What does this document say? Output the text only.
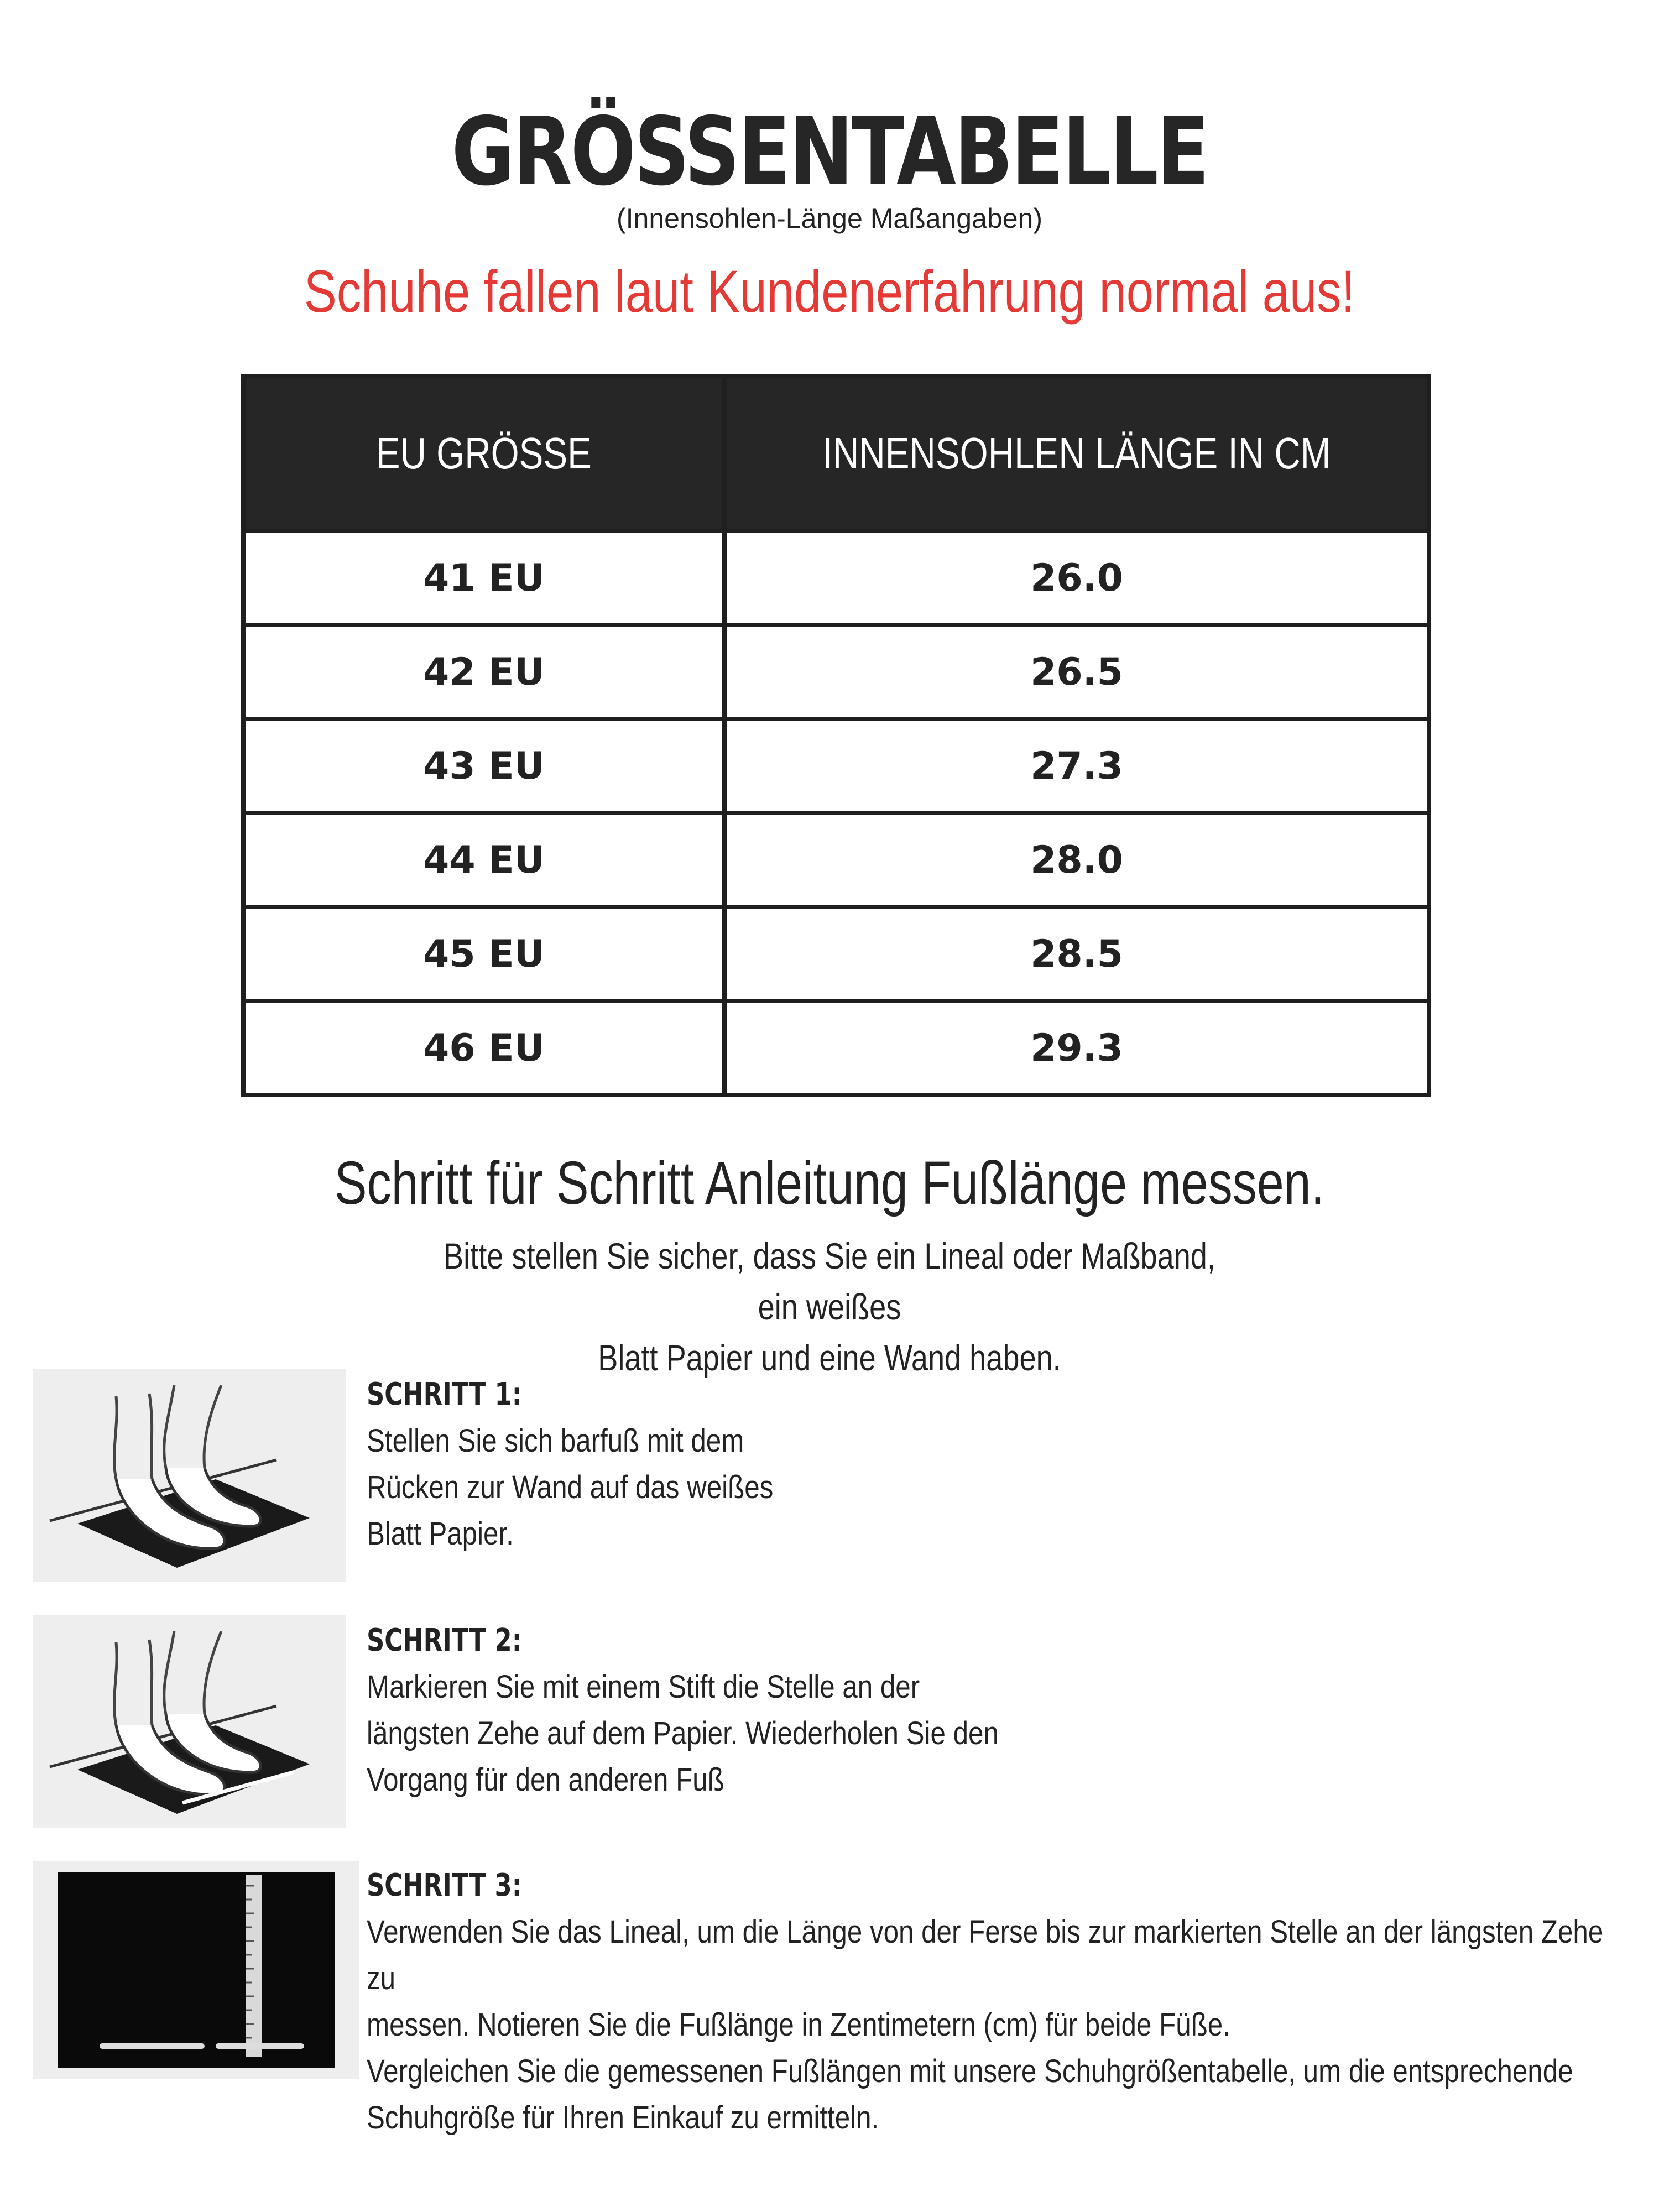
GRÖSSENTABELLE
(Innensohlen-Länge Maßangaben)
Schuhe fallen laut Kundenerfahrung normal aus!
EU GRÖSSE	INNENSOHLEN LÄNGE IN CM
41 EU	26.0
42 EU	26.5
43 EU	27.3
44 EU	28.0
45 EU	28.5
46 EU	29.3
Schritt für Schritt Anleitung Fußlänge messen.
Bitte stellen Sie sicher, dass Sie ein Lineal oder Maßband, ein weißes
Blatt Papier und eine Wand haben.
SCHRITT 1:
Stellen Sie sich barfuß mit dem
Rücken zur Wand auf das weißes
Blatt Papier.
SCHRITT 2:
Markieren Sie mit einem Stift die Stelle an der
längsten Zehe auf dem Papier. Wiederholen Sie den
Vorgang für den anderen Fuß
SCHRITT 3:
Verwenden Sie das Lineal, um die Länge von der Ferse bis zur markierten Stelle an der längsten Zehe zu
messen. Notieren Sie die Fußlänge in Zentimetern (cm) für beide Füße.
Vergleichen Sie die gemessenen Fußlängen mit unsere Schuhgrößentabelle, um die entsprechende
Schuhgröße für Ihren Einkauf zu ermitteln.
